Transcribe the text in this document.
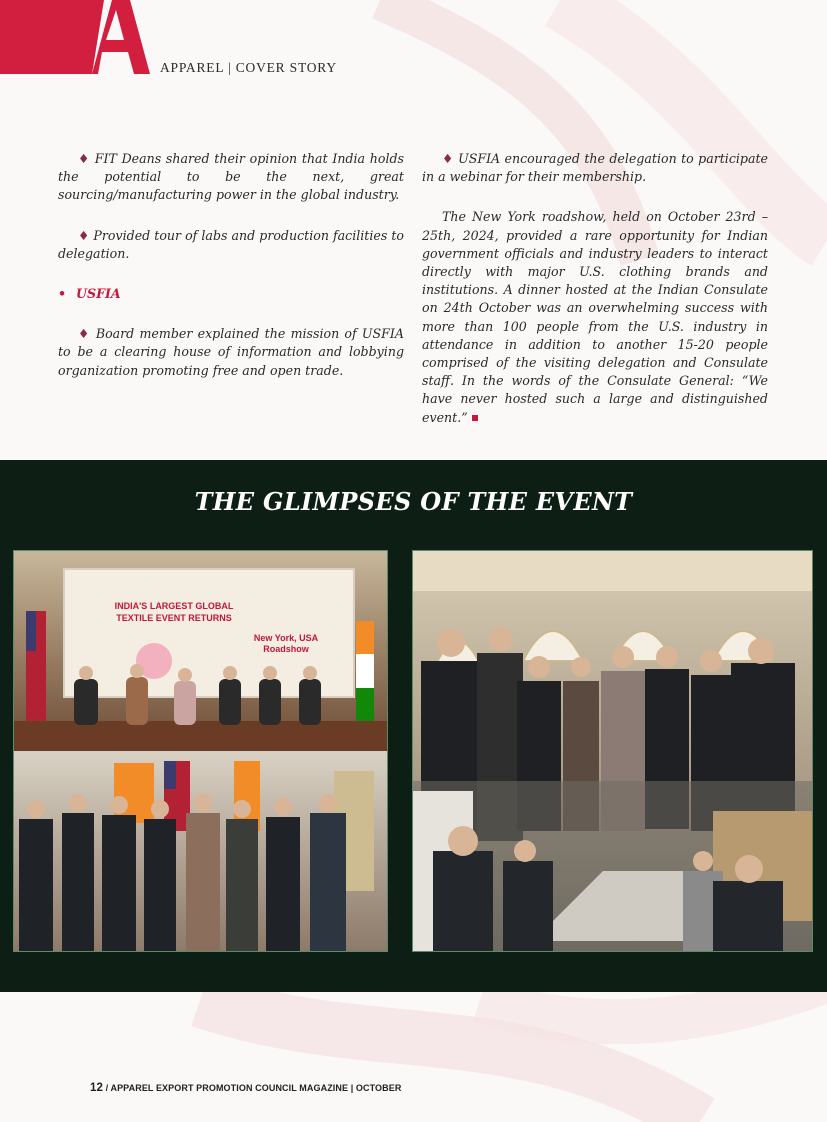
APPAREL | COVER STORY

♦ FIT Deans shared their opinion that India holds the potential to be the next, great sourcing/manufacturing power in the global industry.

♦ Provided tour of labs and production facilities to delegation.

• USFIA

♦ Board member explained the mission of USFIA to be a clearing house of information and lobbying organization promoting free and open trade.

♦ USFIA encouraged the delegation to participate in a webinar for their membership.

The New York roadshow, held on October 23rd – 25th, 2024, provided a rare opportunity for Indian government officials and industry leaders to interact directly with major U.S. clothing brands and institutions. A dinner hosted at the Indian Consulate on 24th October was an overwhelming success with more than 100 people from the U.S. industry in attendance in addition to another 15-20 people comprised of the visiting delegation and Consulate staff. In the words of the Consulate General: “We have never hosted such a large and distinguished event.”

THE GLIMPSES OF THE EVENT
INDIA'S LARGEST GLOBAL
TEXTILE EVENT RETURNS
New York, USA
Roadshow
12 / APPAREL EXPORT PROMOTION COUNCIL MAGAZINE | OCTOBER
